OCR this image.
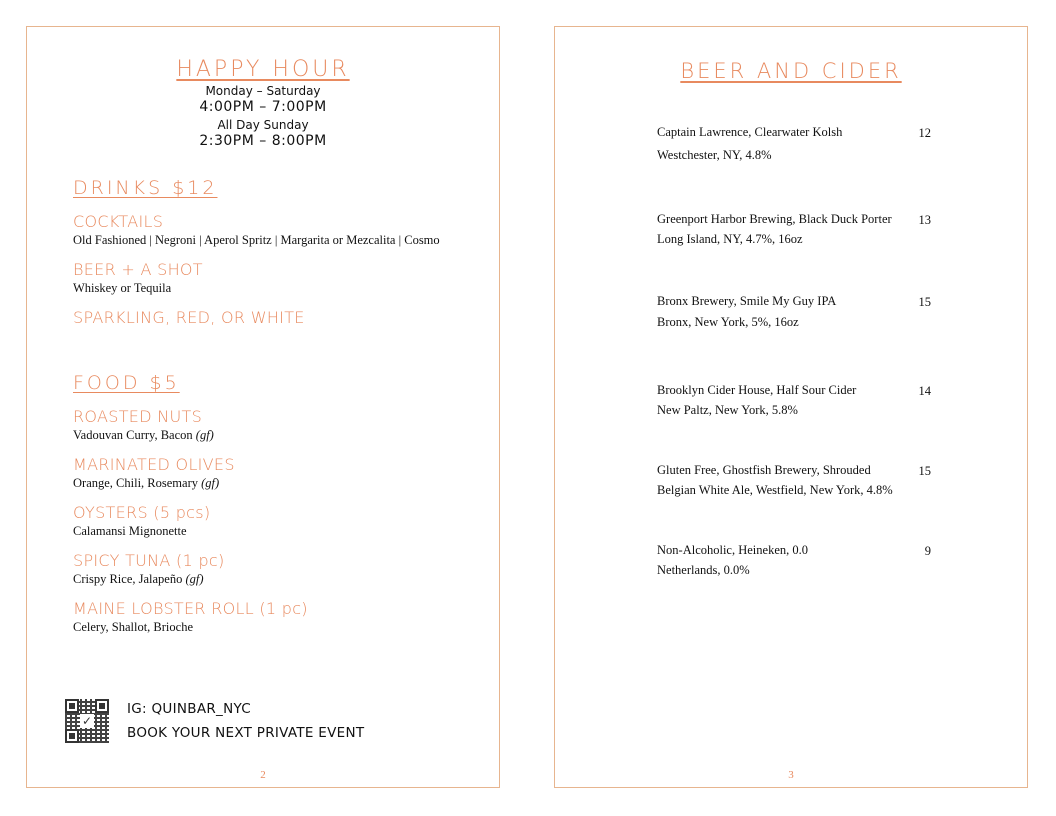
HAPPY HOUR
Monday – Saturday
4:00PM – 7:00PM
All Day Sunday
2:30PM – 8:00PM
DRINKS $12
COCKTAILS
Old Fashioned | Negroni | Aperol Spritz | Margarita or Mezcalita | Cosmo
BEER + A SHOT
Whiskey or Tequila
SPARKLING, RED, OR WHITE
FOOD $5
ROASTED NUTS
Vadouvan Curry, Bacon (gf)
MARINATED OLIVES
Orange, Chili, Rosemary (gf)
OYSTERS (5 pcs)
Calamansi Mignonette
SPICY TUNA (1 pc)
Crispy Rice, Jalapeño (gf)
MAINE LOBSTER ROLL (1 pc)
Celery, Shallot, Brioche
✓
IG: QUINBAR_NYC
BOOK YOUR NEXT PRIVATE EVENT
2
BEER AND CIDER
Captain Lawrence, Clearwater Kolsh	12
Westchester, NY, 4.8%
Greenport Harbor Brewing, Black Duck Porter	13
Long Island, NY, 4.7%, 16oz
Bronx Brewery, Smile My Guy IPA	15
Bronx, New York, 5%, 16oz
Brooklyn Cider House, Half Sour Cider	14
New Paltz, New York, 5.8%
Gluten Free, Ghostfish Brewery, Shrouded	15
Belgian White Ale, Westfield, New York, 4.8%
Non-Alcoholic, Heineken, 0.0	9
Netherlands, 0.0%
3
